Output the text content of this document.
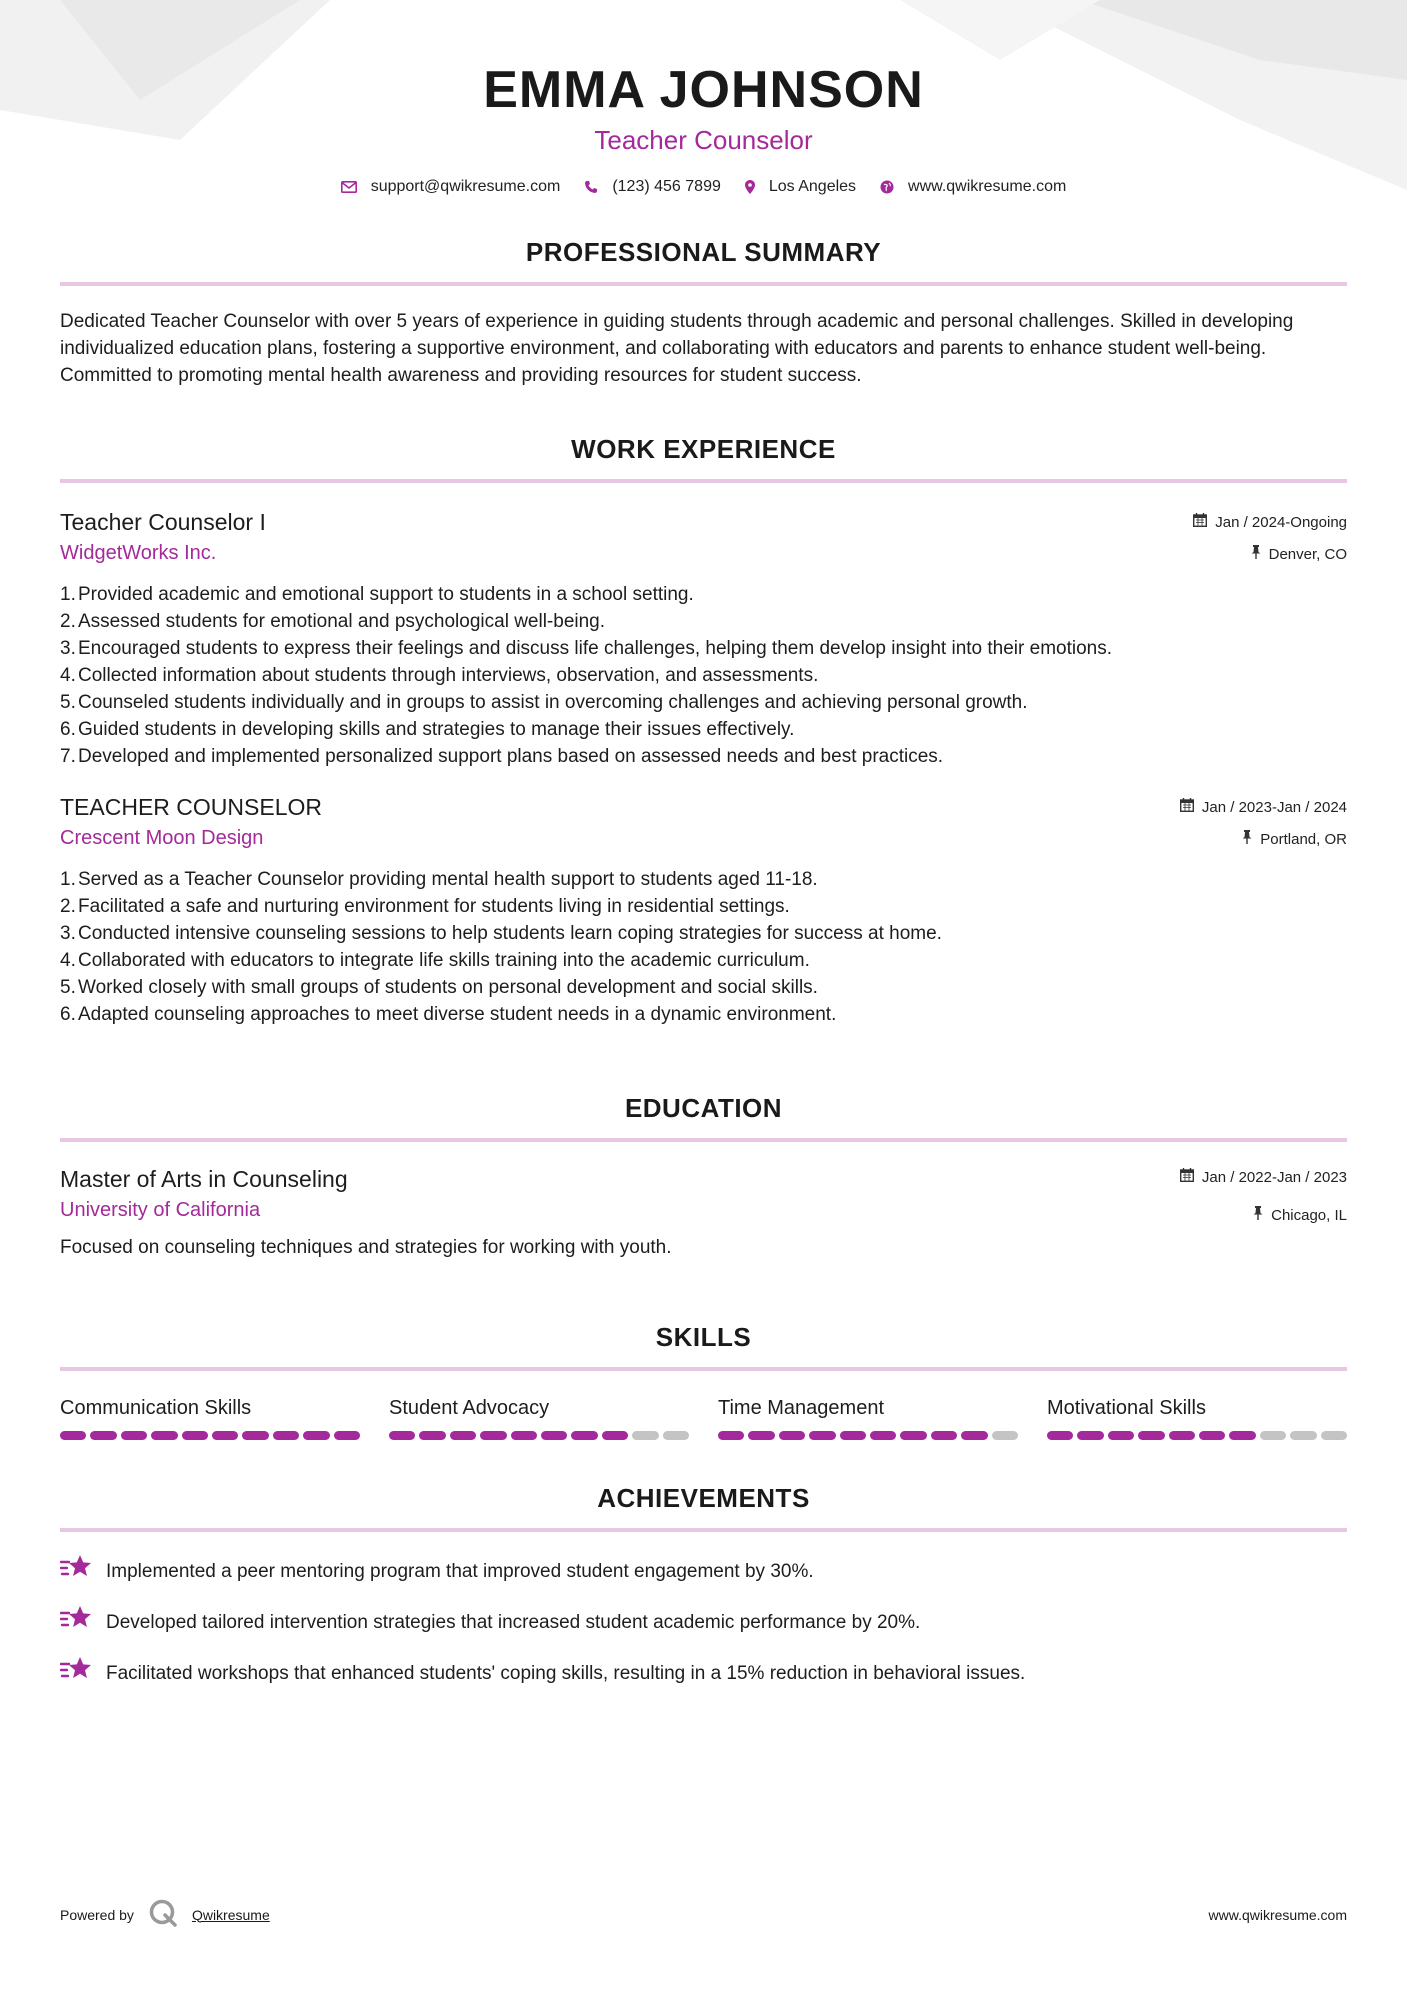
EMMA JOHNSON
Teacher Counselor
support@qwikresume.com	(123) 456 7899	Los Angeles	www.qwikresume.com
PROFESSIONAL SUMMARY
Dedicated Teacher Counselor with over 5 years of experience in guiding students through academic and personal challenges. Skilled in developing individualized education plans, fostering a supportive environment, and collaborating with educators and parents to enhance student well-being. Committed to promoting mental health awareness and providing resources for student success.
WORK EXPERIENCE
Teacher Counselor I
WidgetWorks Inc.
Jan / 2024-Ongoing
Denver, CO
1. Provided academic and emotional support to students in a school setting.
2. Assessed students for emotional and psychological well-being.
3. Encouraged students to express their feelings and discuss life challenges, helping them develop insight into their emotions.
4. Collected information about students through interviews, observation, and assessments.
5. Counseled students individually and in groups to assist in overcoming challenges and achieving personal growth.
6. Guided students in developing skills and strategies to manage their issues effectively.
7. Developed and implemented personalized support plans based on assessed needs and best practices.
TEACHER COUNSELOR
Crescent Moon Design
Jan / 2023-Jan / 2024
Portland, OR
1. Served as a Teacher Counselor providing mental health support to students aged 11-18.
2. Facilitated a safe and nurturing environment for students living in residential settings.
3. Conducted intensive counseling sessions to help students learn coping strategies for success at home.
4. Collaborated with educators to integrate life skills training into the academic curriculum.
5. Worked closely with small groups of students on personal development and social skills.
6. Adapted counseling approaches to meet diverse student needs in a dynamic environment.
EDUCATION
Master of Arts in Counseling
University of California
Jan / 2022-Jan / 2023
Chicago, IL
Focused on counseling techniques and strategies for working with youth.
SKILLS
Communication Skills	Student Advocacy	Time Management	Motivational Skills
ACHIEVEMENTS
Implemented a peer mentoring program that improved student engagement by 30%.
Developed tailored intervention strategies that increased student academic performance by 20%.
Facilitated workshops that enhanced students' coping skills, resulting in a 15% reduction in behavioral issues.
Powered by	Qwikresume	www.qwikresume.com
